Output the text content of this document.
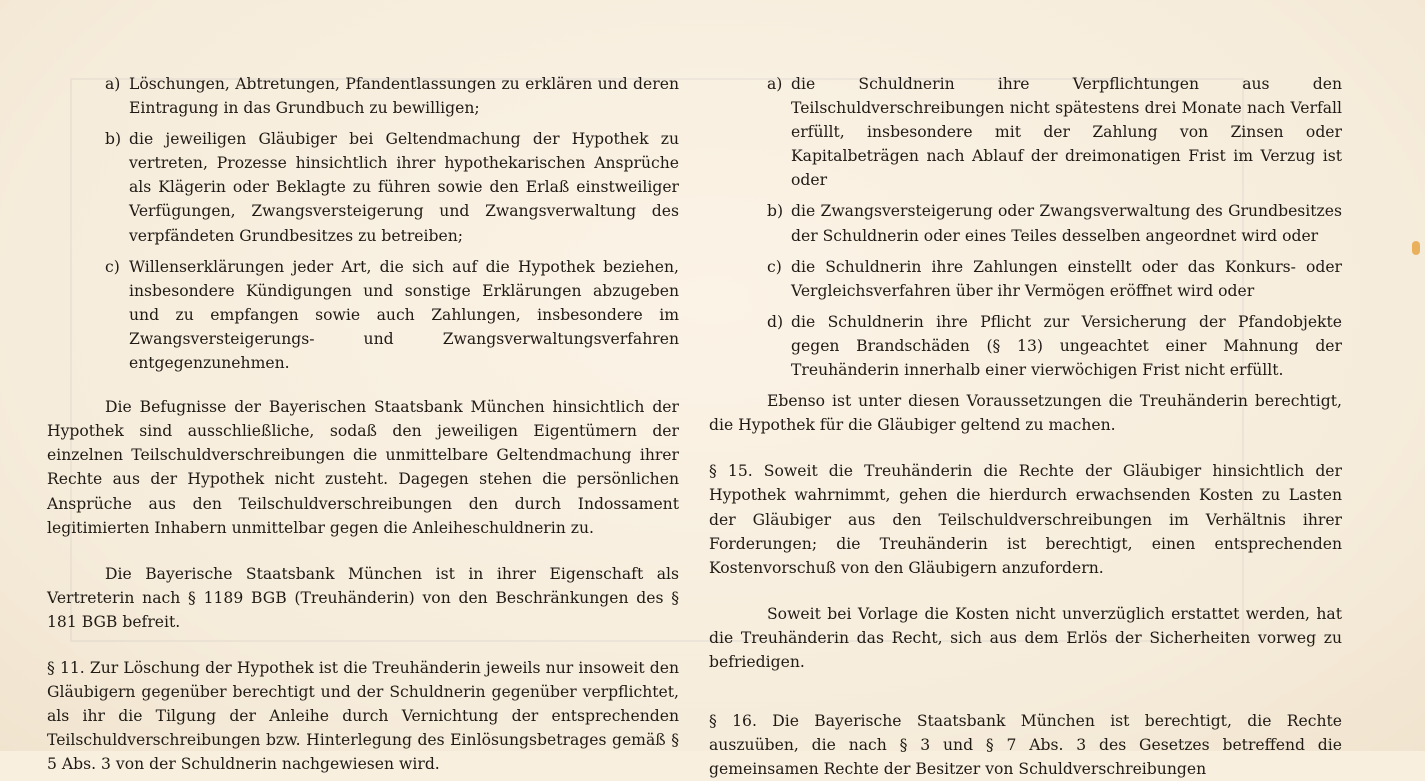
a) Löschungen, Abtretungen, Pfandentlassungen zu erklären und deren Eintragung in das Grundbuch zu bewilligen;
b) die jeweiligen Gläubiger bei Geltendmachung der Hypothek zu vertreten, Prozesse hinsichtlich ihrer hypothekarischen Ansprüche als Klägerin oder Beklagte zu führen sowie den Erlaß einstweiliger Verfügungen, Zwangsversteigerung und Zwangsverwaltung des verpfändeten Grundbesitzes zu betreiben;
c) Willenserklärungen jeder Art, die sich auf die Hypothek beziehen, insbesondere Kündigungen und sonstige Erklärungen abzugeben und zu empfangen sowie auch Zahlungen, insbesondere im Zwangsversteigerungs- und Zwangsverwaltungsverfahren entgegenzunehmen.

Die Befugnisse der Bayerischen Staatsbank München hinsichtlich der Hypothek sind ausschließliche, sodaß den jeweiligen Eigentümern der einzelnen Teilschuldverschreibungen die unmittelbare Geltendmachung ihrer Rechte aus der Hypothek nicht zusteht. Dagegen stehen die persönlichen Ansprüche aus den Teilschuldverschreibungen den durch Indossament legitimierten Inhabern unmittelbar gegen die Anleiheschuldnerin zu.

Die Bayerische Staatsbank München ist in ihrer Eigenschaft als Vertreterin nach § 1189 BGB (Treuhänderin) von den Beschränkungen des § 181 BGB befreit.

§ 11. Zur Löschung der Hypothek ist die Treuhänderin jeweils nur insoweit den Gläubigern gegenüber berechtigt und der Schuldnerin gegenüber verpflichtet, als ihr die Tilgung der Anleihe durch Vernichtung der entsprechenden Teilschuldverschreibungen bzw. Hinterlegung des Einlösungsbetrages gemäß § 5 Abs. 3 von der Schuldnerin nachgewiesen wird.

a) die Schuldnerin ihre Verpflichtungen aus den Teilschuldverschreibungen nicht spätestens drei Monate nach Verfall erfüllt, insbesondere mit der Zahlung von Zinsen oder Kapitalbeträgen nach Ablauf der dreimonatigen Frist im Verzug ist oder
b) die Zwangsversteigerung oder Zwangsverwaltung des Grundbesitzes der Schuldnerin oder eines Teiles desselben angeordnet wird oder
c) die Schuldnerin ihre Zahlungen einstellt oder das Konkurs- oder Vergleichsverfahren über ihr Vermögen eröffnet wird oder
d) die Schuldnerin ihre Pflicht zur Versicherung der Pfandobjekte gegen Brandschäden (§ 13) ungeachtet einer Mahnung der Treuhänderin innerhalb einer vierwöchigen Frist nicht erfüllt.

Ebenso ist unter diesen Voraussetzungen die Treuhänderin berechtigt, die Hypothek für die Gläubiger geltend zu machen.

§ 15. Soweit die Treuhänderin die Rechte der Gläubiger hinsichtlich der Hypothek wahrnimmt, gehen die hierdurch erwachsenden Kosten zu Lasten der Gläubiger aus den Teilschuldverschreibungen im Verhältnis ihrer Forderungen; die Treuhänderin ist berechtigt, einen entsprechenden Kostenvorschuß von den Gläubigern anzufordern.

Soweit bei Vorlage die Kosten nicht unverzüglich erstattet werden, hat die Treuhänderin das Recht, sich aus dem Erlös der Sicherheiten vorweg zu befriedigen.

§ 16. Die Bayerische Staatsbank München ist berechtigt, die Rechte auszuüben, die nach § 3 und § 7 Abs. 3 des Gesetzes betreffend die gemeinsamen Rechte der Besitzer von Schuldverschreibungen
